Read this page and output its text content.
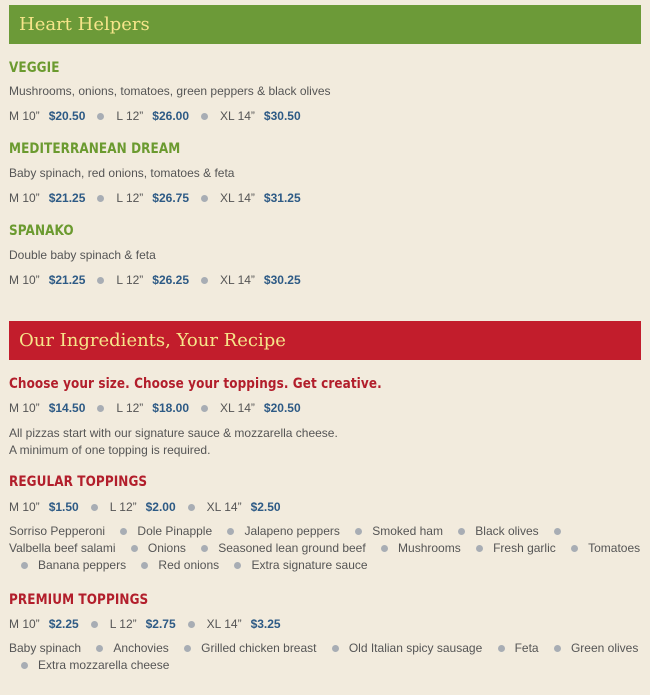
Heart Helpers
VEGGIE
Mushrooms, onions, tomatoes, green peppers & black olives
M 10” $20.50	L 12” $26.00	XL 14” $30.50
MEDITERRANEAN DREAM
Baby spinach, red onions, tomatoes & feta
M 10” $21.25	L 12” $26.75	XL 14” $31.25
SPANAKO
Double baby spinach & feta
M 10” $21.25	L 12” $26.25	XL 14” $30.25
Our Ingredients, Your Recipe
Choose your size. Choose your toppings. Get creative.
M 10” $14.50	L 12” $18.00	XL 14” $20.50
All pizzas start with our signature sauce & mozzarella cheese.
A minimum of one topping is required.
REGULAR TOPPINGS
M 10” $1.50	L 12” $2.00	XL 14” $2.50
Sorriso Pepperoni	Dole Pinapple	Jalapeno peppers	Smoked ham	Black olives Valbella beef salami	Onions	Seasoned lean ground beef	Mushrooms	Fresh garlic	Tomatoes Banana peppers	Red onions	Extra signature sauce
PREMIUM TOPPINGS
M 10” $2.25	L 12” $2.75	XL 14” $3.25
Baby spinach	Anchovies	Grilled chicken breast	Old Italian spicy sausage	Feta	Green olives Extra mozzarella cheese
